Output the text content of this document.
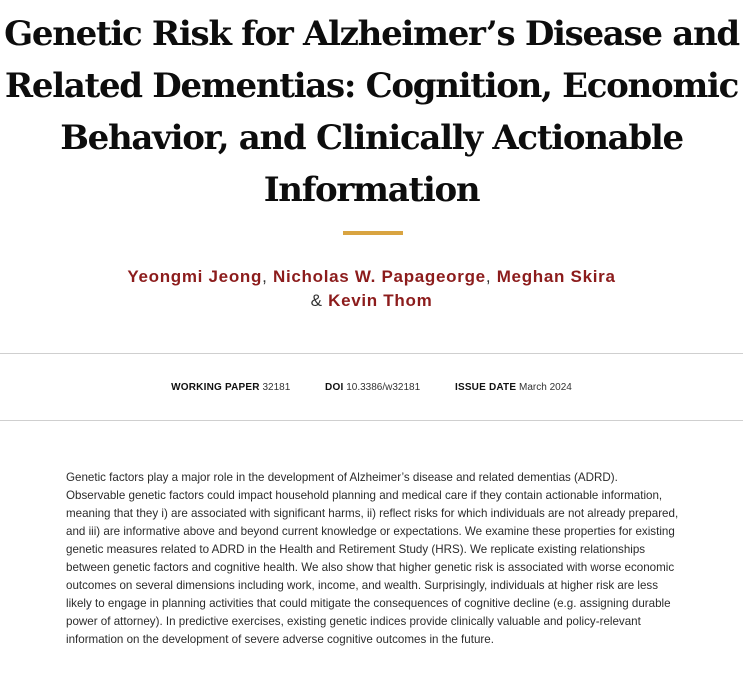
Genetic Risk for Alzheimer’s Disease and
Related Dementias: Cognition, Economic
Behavior, and Clinically Actionable
Information
Yeongmi Jeong, Nicholas W. Papageorge, Meghan Skira
& Kevin Thom
WORKING PAPER 32181	DOI 10.3386/w32181	ISSUE DATE March 2024

Genetic factors play a major role in the development of Alzheimer’s disease and related dementias (ADRD). Observable genetic factors could impact household planning and medical care if they contain actionable information, meaning that they i) are associated with significant harms, ii) reflect risks for which individuals are not already prepared, and iii) are informative above and beyond current knowledge or expectations. We examine these properties for existing genetic measures related to ADRD in the Health and Retirement Study (HRS). We replicate existing relationships between genetic factors and cognitive health. We also show that higher genetic risk is associated with worse economic outcomes on several dimensions including work, income, and wealth. Surprisingly, individuals at higher risk are less likely to engage in planning activities that could mitigate the consequences of cognitive decline (e.g. assigning durable power of attorney). In predictive exercises, existing genetic indices provide clinically valuable and policy-relevant information on the development of severe adverse cognitive outcomes in the future.
